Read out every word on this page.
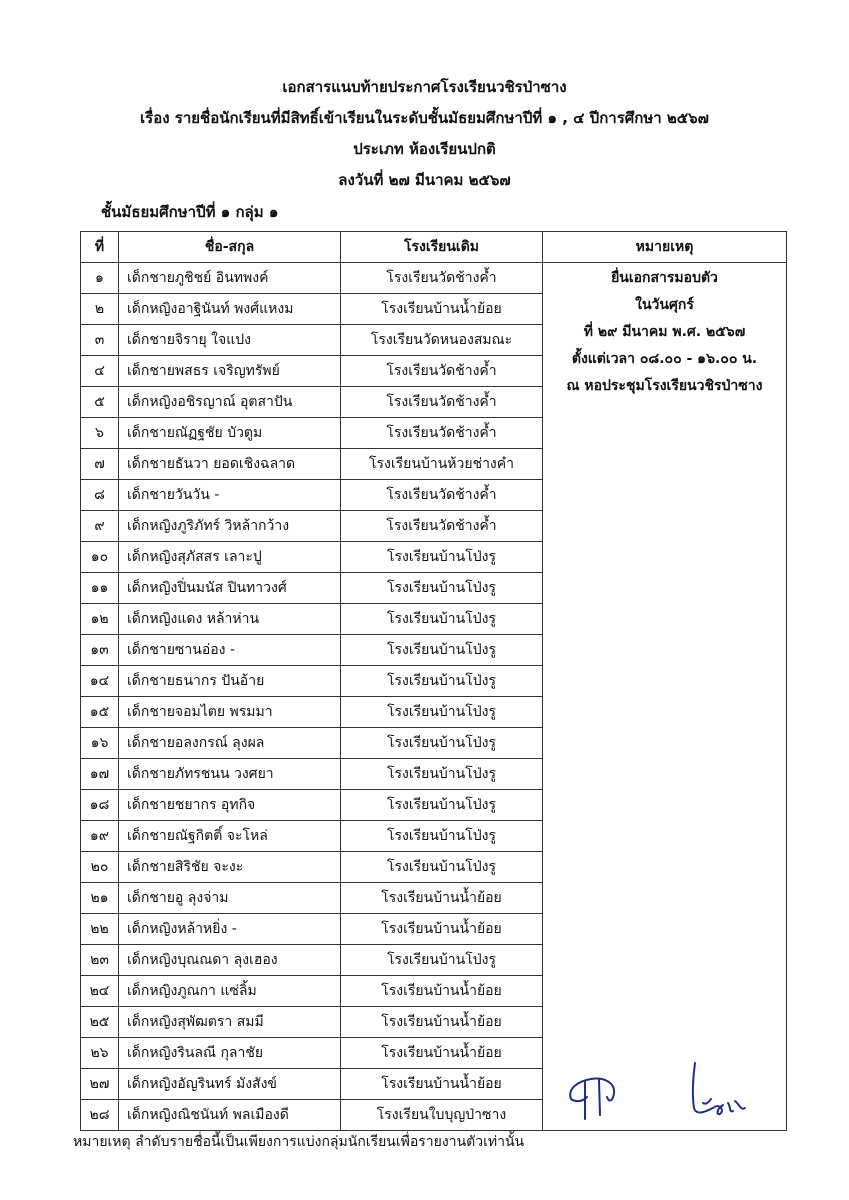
เอกสารแนบท้ายประกาศโรงเรียนวชิรป่าซาง
เรื่อง รายชื่อนักเรียนที่มีสิทธิ์เข้าเรียนในระดับชั้นมัธยมศึกษาปีที่ ๑ , ๔ ปีการศึกษา ๒๕๖๗
ประเภท ห้องเรียนปกติ
ลงวันที่ ๒๗ มีนาคม ๒๕๖๗
ชั้นมัธยมศึกษาปีที่ ๑ กลุ่ม ๑
ที่	ชื่อ-สกุล	โรงเรียนเดิม	หมายเหตุ
๑	เด็กชายภูชิชย์ อินทพงค์	โรงเรียนวัดช้างค้ำ	ยื่นเอกสารมอบตัว
ในวันศุกร์
ที่ ๒๙ มีนาคม พ.ศ. ๒๕๖๗
ตั้งแต่เวลา ๐๘.๐๐ - ๑๖.๐๐ น.
ณ หอประชุมโรงเรียนวชิรป่าซาง

๒	เด็กหญิงอาฐินันท์ พงศ์แหงม	โรงเรียนบ้านน้ำย้อย	
๓	เด็กชายจิรายุ ใจแปง	โรงเรียนวัดหนองสมณะ	
๔	เด็กชายพสธร เจริญทรัพย์	โรงเรียนวัดช้างค้ำ	
๕	เด็กหญิงอชิรญาณ์ อุตสาปัน	โรงเรียนวัดช้างค้ำ	
๖	เด็กชายณัฏฐชัย บัวตูม	โรงเรียนวัดช้างค้ำ	
๗	เด็กชายธันวา ยอดเชิงฉลาด	โรงเรียนบ้านห้วยช่างคำ	
๘	เด็กชายวันวัน -	โรงเรียนวัดช้างค้ำ	
๙	เด็กหญิงภูริภัทร์ วิหล้ากว้าง	โรงเรียนวัดช้างค้ำ	
๑๐	เด็กหญิงสุภัสสร เลาะปู	โรงเรียนบ้านโป่งรู	
๑๑	เด็กหญิงปิ่นมนัส ปินทาวงศ์	โรงเรียนบ้านโป่งรู	
๑๒	เด็กหญิงแดง หล้าห่าน	โรงเรียนบ้านโป่งรู	
๑๓	เด็กชายซานอ่อง -	โรงเรียนบ้านโป่งรู	
๑๔	เด็กชายธนากร ปันอ้าย	โรงเรียนบ้านโป่งรู	
๑๕	เด็กชายจอมไตย พรมมา	โรงเรียนบ้านโป่งรู	
๑๖	เด็กชายอลงกรณ์ ลุงผล	โรงเรียนบ้านโป่งรู	
๑๗	เด็กชายภัทรชนน วงศยา	โรงเรียนบ้านโป่งรู	
๑๘	เด็กชายชยากร อุทกิจ	โรงเรียนบ้านโป่งรู	
๑๙	เด็กชายณัฐกิตติ์ จะโหล่	โรงเรียนบ้านโป่งรู	
๒๐	เด็กชายสิริชัย จะงะ	โรงเรียนบ้านโป่งรู	
๒๑	เด็กชายอู ลุงจ่าม	โรงเรียนบ้านน้ำย้อย	
๒๒	เด็กหญิงหล้าหยิ่ง -	โรงเรียนบ้านน้ำย้อย	
๒๓	เด็กหญิงบุณณดา ลุงเฮอง	โรงเรียนบ้านโป่งรู	
๒๔	เด็กหญิงภูณกา แซ่ลิ้ม	โรงเรียนบ้านน้ำย้อย	
๒๕	เด็กหญิงสุพัฒตรา สมมี	โรงเรียนบ้านน้ำย้อย	
๒๖	เด็กหญิงรินลณี กุลาชัย	โรงเรียนบ้านน้ำย้อย	
๒๗	เด็กหญิงอัญรินทร์ มังสังข์	โรงเรียนบ้านน้ำย้อย	
๒๘	เด็กหญิงณิชนันท์ พลเมืองดี	โรงเรียนใบบุญป่าซาง	
หมายเหตุ ลำดับรายชื่อนี้เป็นเพียงการแบ่งกลุ่มนักเรียนเพื่อรายงานตัวเท่านั้น
